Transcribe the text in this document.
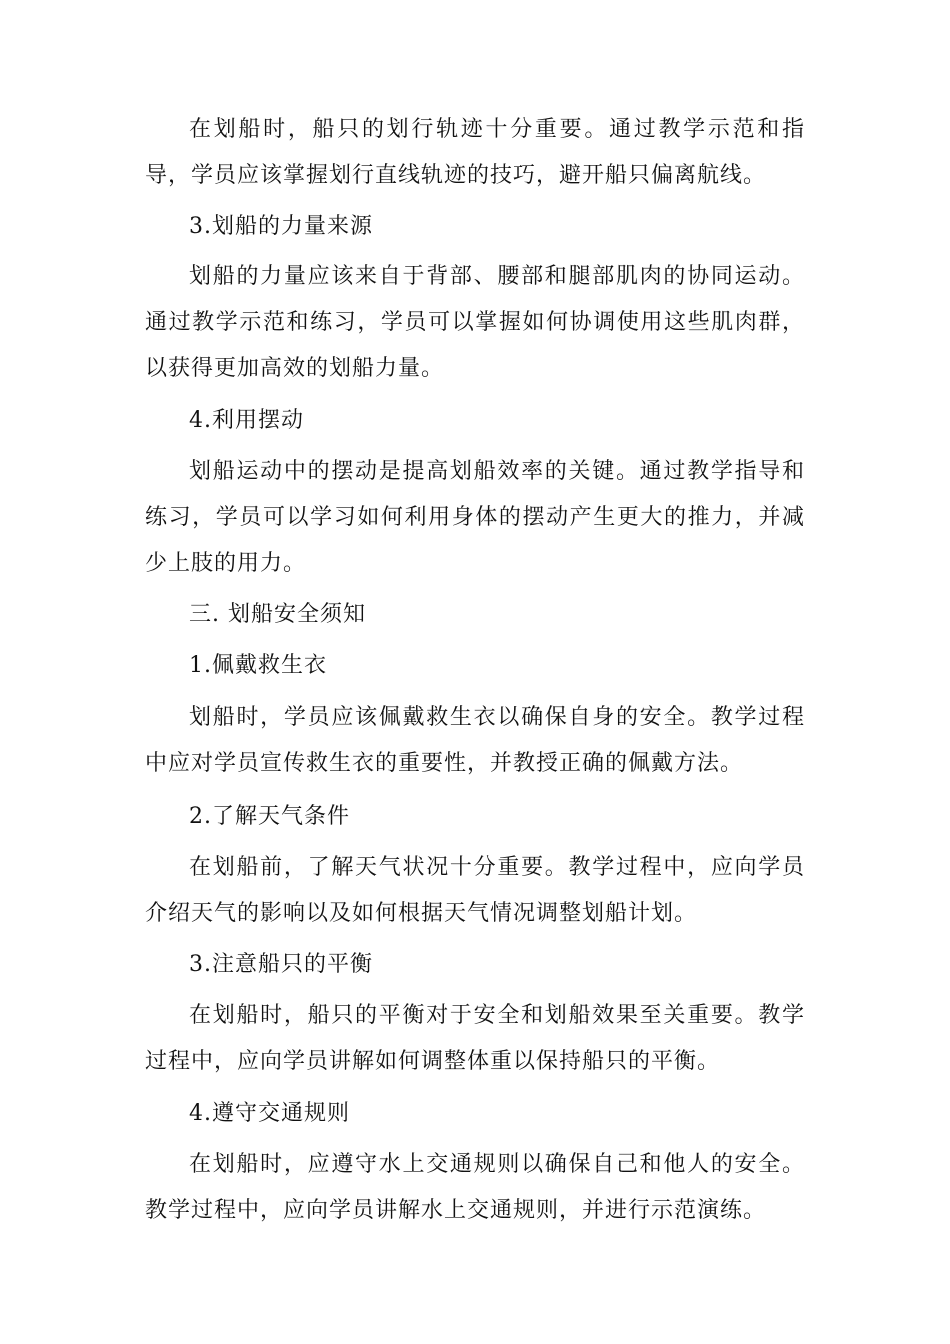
在划船时，船只的划行轨迹十分重要。通过教学示范和指导，学员应该掌握划行直线轨迹的技巧，避开船只偏离航线。

3.划船的力量来源

划船的力量应该来自于背部、腰部和腿部肌肉的协同运动。通过教学示范和练习，学员可以掌握如何协调使用这些肌肉群，以获得更加高效的划船力量。

4.利用摆动

划船运动中的摆动是提高划船效率的关键。通过教学指导和练习，学员可以学习如何利用身体的摆动产生更大的推力，并减少上肢的用力。

三. 划船安全须知

1.佩戴救生衣

划船时，学员应该佩戴救生衣以确保自身的安全。教学过程中应对学员宣传救生衣的重要性，并教授正确的佩戴方法。

2.了解天气条件

在划船前，了解天气状况十分重要。教学过程中，应向学员介绍天气的影响以及如何根据天气情况调整划船计划。

3.注意船只的平衡

在划船时，船只的平衡对于安全和划船效果至关重要。教学过程中，应向学员讲解如何调整体重以保持船只的平衡。

4.遵守交通规则

在划船时，应遵守水上交通规则以确保自己和他人的安全。教学过程中，应向学员讲解水上交通规则，并进行示范演练。
